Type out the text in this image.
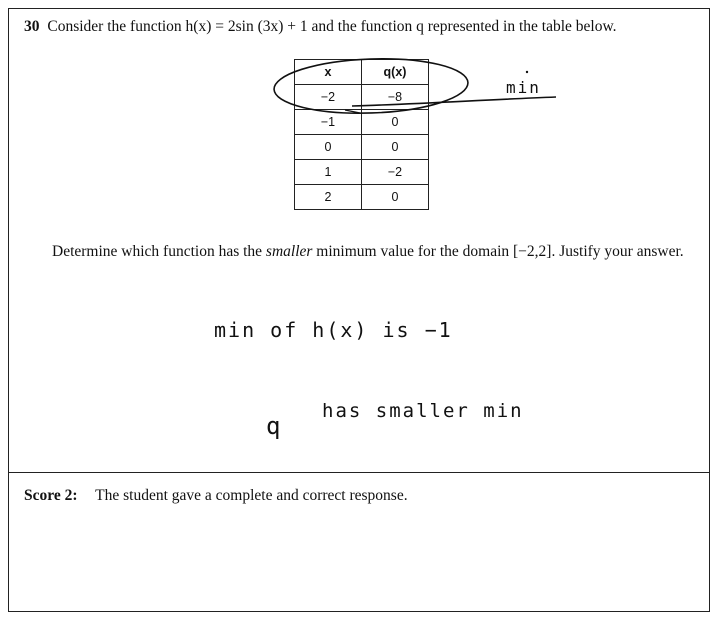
30 Consider the function h(x) = 2sin (3x) + 1 and the function q represented in the table below.
x	q(x)
−2	−8
−1	0
0	0
1	−2
2	0
min
Determine which function has the smaller minimum value for the domain [−2,2]. Justify your answer.
min of h(x) is −1
q
has smaller min
Score 2: The student gave a complete and correct response.
